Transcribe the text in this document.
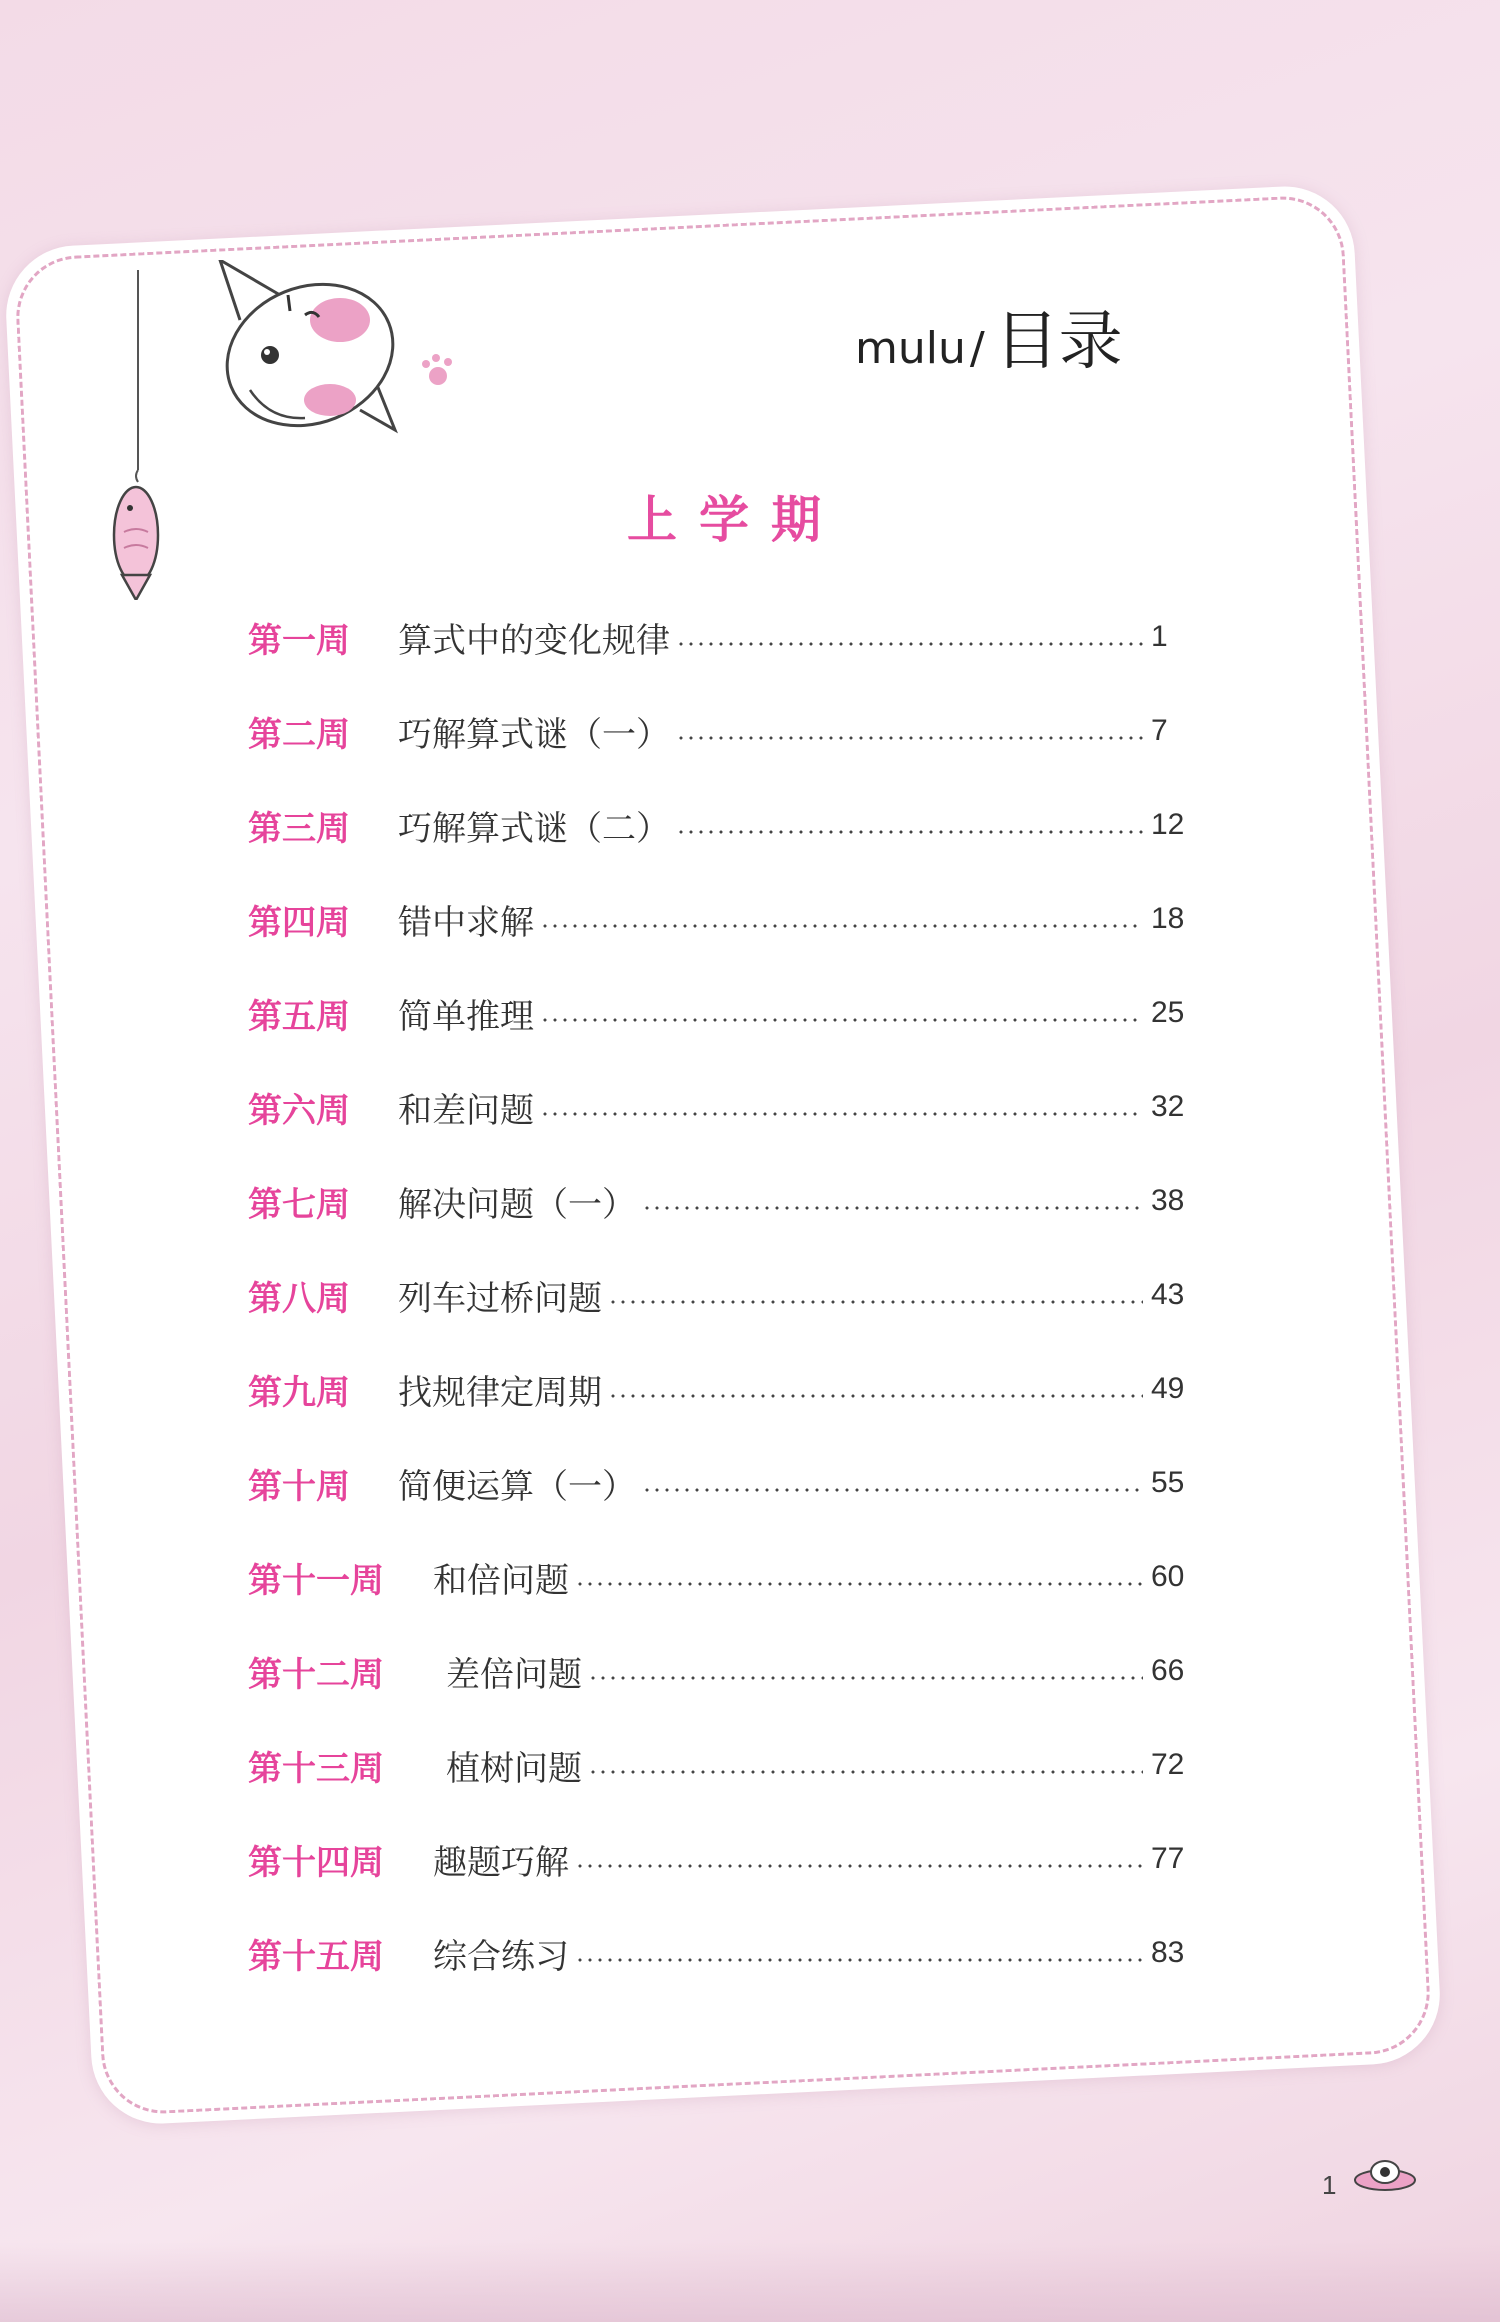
mulu/ 目录
上学期
第一周	算式中的变化规律	1
第二周	巧解算式谜（一）	7
第三周	巧解算式谜（二）	12
第四周	错中求解	18
第五周	简单推理	25
第六周	和差问题	32
第七周	解决问题（一）	38
第八周	列车过桥问题	43
第九周	找规律定周期	49
第十周	简便运算（一）	55
第十一周	和倍问题	60
第十二周	差倍问题	66
第十三周	植树问题	72
第十四周	趣题巧解	77
第十五周	综合练习	83
1
